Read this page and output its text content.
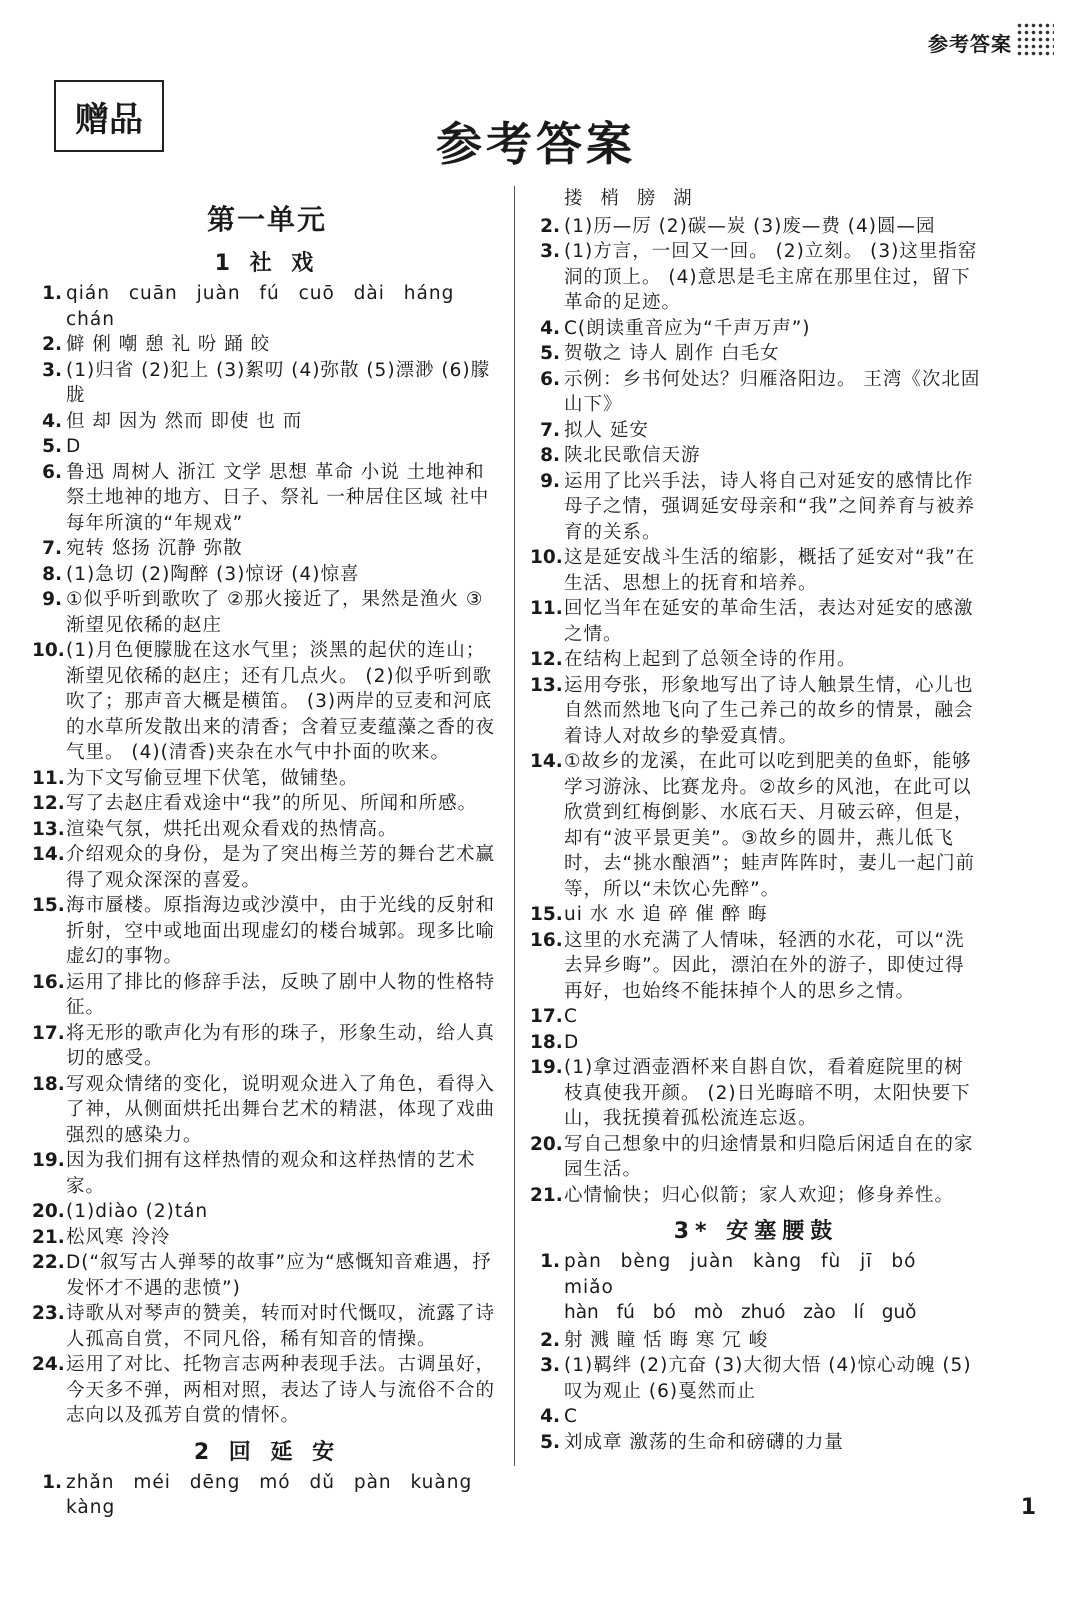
参考答案
赠品	参考答案
第一单元
1 社 戏
1. qián cuān juàn fú cuō dài háng chán
2. 僻 俐 嘲 憩 礼 吩 踊 皎
3. (1)归省 (2)犯上 (3)絮叨 (4)弥散 (5)漂渺 (6)朦胧
4. 但 却 因为 然而 即使 也 而
5. D
6. 鲁迅 周树人 浙江 文学 思想 革命 小说 土地神和祭土地神的地方、日子、祭礼 一种居住区域 社中每年所演的“年规戏”
7. 宛转 悠扬 沉静 弥散
8. (1)急切 (2)陶醉 (3)惊讶 (4)惊喜
9. ①似乎听到歌吹了 ②那火接近了，果然是渔火 ③渐望见依稀的赵庄
10. (1)月色便朦胧在这水气里；淡黑的起伏的连山；渐望见依稀的赵庄；还有几点火。 (2)似乎听到歌吹了；那声音大概是横笛。 (3)两岸的豆麦和河底的水草所发散出来的清香；含着豆麦蕴藻之香的夜气里。 (4)(清香)夹杂在水气中扑面的吹来。
11. 为下文写偷豆埋下伏笔，做铺垫。
12. 写了去赵庄看戏途中“我”的所见、所闻和所感。
13. 渲染气氛，烘托出观众看戏的热情高。
14. 介绍观众的身份，是为了突出梅兰芳的舞台艺术赢得了观众深深的喜爱。
15. 海市蜃楼。原指海边或沙漠中，由于光线的反射和折射，空中或地面出现虚幻的楼台城郭。现多比喻虚幻的事物。
16. 运用了排比的修辞手法，反映了剧中人物的性格特征。
17. 将无形的歌声化为有形的珠子，形象生动，给人真切的感受。
18. 写观众情绪的变化，说明观众进入了角色，看得入了神，从侧面烘托出舞台艺术的精湛，体现了戏曲强烈的感染力。
19. 因为我们拥有这样热情的观众和这样热情的艺术家。
20. (1)diào (2)tán
21. 松风寒 泠泠
22. D(“叙写古人弹琴的故事”应为“感慨知音难遇，抒发怀才不遇的悲愤”)
23. 诗歌从对琴声的赞美，转而对时代慨叹，流露了诗人孤高自赏，不同凡俗，稀有知音的情操。
24. 运用了对比、托物言志两种表现手法。古调虽好，今天多不弹，两相对照，表达了诗人与流俗不合的志向以及孤芳自赏的情怀。
2 回 延 安
1. zhǎn méi dēng mó dǔ pàn kuàng kàng
搂 梢 膀 湖
2. (1)历—厉 (2)碳—炭 (3)废—费 (4)圆—园
3. (1)方言，一回又一回。 (2)立刻。 (3)这里指窑洞的顶上。 (4)意思是毛主席在那里住过，留下革命的足迹。
4. C(朗读重音应为“千声万声”)
5. 贺敬之 诗人 剧作 白毛女
6. 示例：乡书何处达？归雁洛阳边。 王湾《次北固山下》
7. 拟人 延安
8. 陕北民歌信天游
9. 运用了比兴手法，诗人将自己对延安的感情比作母子之情，强调延安母亲和“我”之间养育与被养育的关系。
10. 这是延安战斗生活的缩影，概括了延安对“我”在生活、思想上的抚育和培养。
11. 回忆当年在延安的革命生活，表达对延安的感激之情。
12. 在结构上起到了总领全诗的作用。
13. 运用夸张，形象地写出了诗人触景生情，心儿也自然而然地飞向了生己养己的故乡的情景，融会着诗人对故乡的挚爱真情。
14. ①故乡的龙溪，在此可以吃到肥美的鱼虾，能够学习游泳、比赛龙舟。②故乡的风池，在此可以欣赏到红梅倒影、水底石天、月破云碎，但是，却有“波平景更美”。③故乡的圆井，燕儿低飞时，去“挑水酿酒”；蛙声阵阵时，妻儿一起门前等，所以“未饮心先醉”。
15. ui 水 水 追 碎 催 醉 晦
16. 这里的水充满了人情味，轻洒的水花，可以“洗去异乡晦”。因此，漂泊在外的游子，即使过得再好，也始终不能抹掉个人的思乡之情。
17. C
18. D
19. (1)拿过酒壶酒杯来自斟自饮，看着庭院里的树枝真使我开颜。 (2)日光晦暗不明，太阳快要下山，我抚摸着孤松流连忘返。
20. 写自己想象中的归途情景和归隐后闲适自在的家园生活。
21. 心情愉快；归心似箭；家人欢迎；修身养性。
3* 安塞腰鼓
1. pàn bèng juàn kàng fù jī bó miǎo
hàn fú bó mò zhuó zào lí guǒ
2. 射 溅 瞳 恬 晦 寒 冗 峻
3. (1)羁绊 (2)亢奋 (3)大彻大悟 (4)惊心动魄 (5)叹为观止 (6)戛然而止
4. C
5. 刘成章 激荡的生命和磅礴的力量
1
